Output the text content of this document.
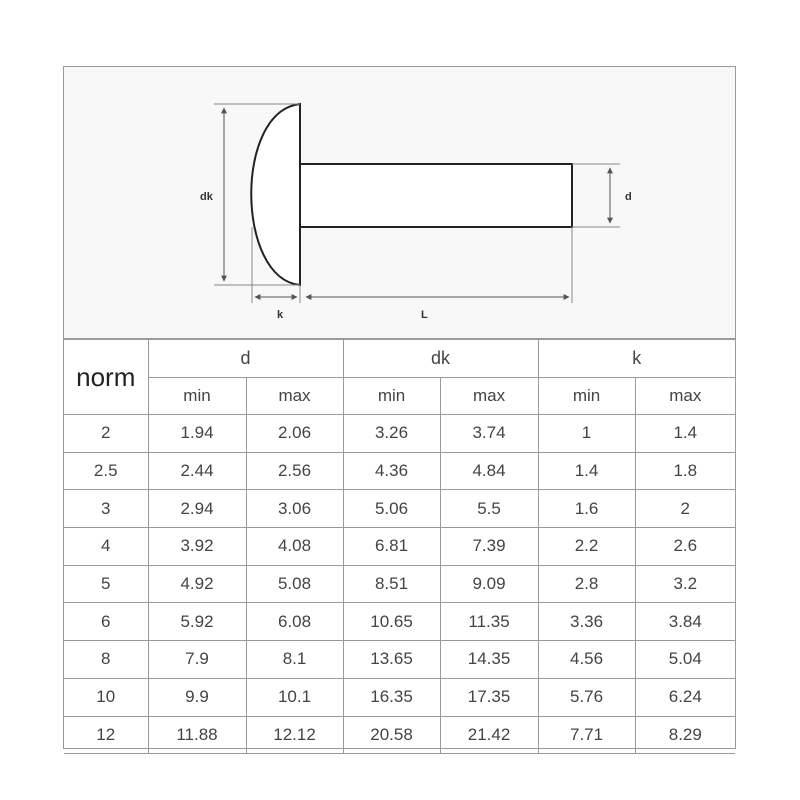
dk	d
k	L
norm	d		dk		k	
	min	max	min	max	min	max
2	1.94	2.06	3.26	3.74	1	1.4
2.5	2.44	2.56	4.36	4.84	1.4	1.8
3	2.94	3.06	5.06	5.5	1.6	2
4	3.92	4.08	6.81	7.39	2.2	2.6
5	4.92	5.08	8.51	9.09	2.8	3.2
6	5.92	6.08	10.65	11.35	3.36	3.84
8	7.9	8.1	13.65	14.35	4.56	5.04
10	9.9	10.1	16.35	17.35	5.76	6.24
12	11.88	12.12	20.58	21.42	7.71	8.29
